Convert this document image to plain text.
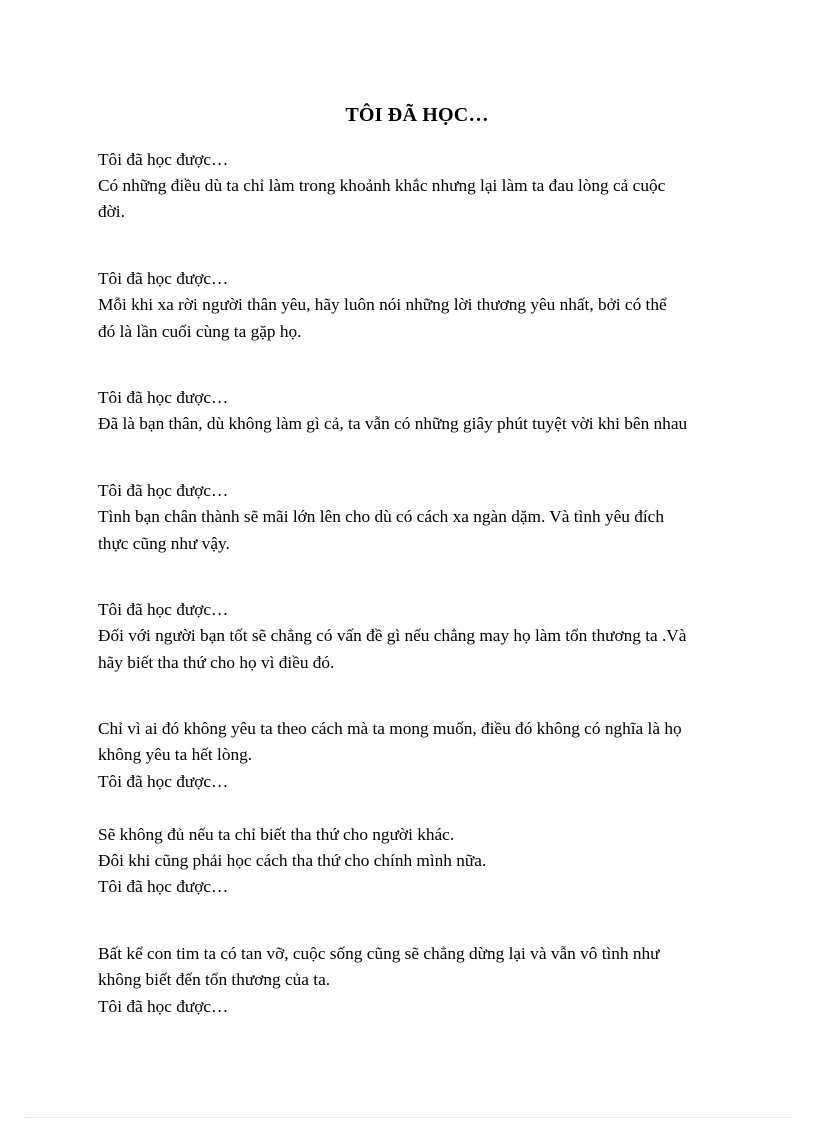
TÔI ĐÃ HỌC…

Tôi đã học được…

Có những điều dù ta chỉ làm trong khoảnh khắc nhưng lại làm ta đau lòng cả cuộc

đời.

Tôi đã học được…

Mỗi khi xa rời người thân yêu, hãy luôn nói những lời thương yêu nhất, bởi có thể

đó là lần cuối cùng ta gặp họ.

Tôi đã học được…

Đã là bạn thân, dù không làm gì cả, ta vẫn có những giây phút tuyệt vời khi bên nhau

Tôi đã học được…

Tình bạn chân thành sẽ mãi lớn lên cho dù có cách xa ngàn dặm. Và tình yêu đích

thực cũng như vậy.

Tôi đã học được…

Đối với người bạn tốt sẽ chẳng có vấn đề gì nếu chẳng may họ làm tổn thương ta .Và

hãy biết tha thứ cho họ vì điều đó.

Chỉ vì ai đó không yêu ta theo cách mà ta mong muốn, điều đó không có nghĩa là họ

không yêu ta hết lòng.

Tôi đã học được…

Sẽ không đủ nếu ta chỉ biết tha thứ cho người khác.

Đôi khi cũng phải học cách tha thứ cho chính mình nữa.

Tôi đã học được…

Bất kể con tim ta có tan vỡ, cuộc sống cũng sẽ chẳng dừng lại và vẫn vô tình như

không biết đến tổn thương của ta.

Tôi đã học được…
